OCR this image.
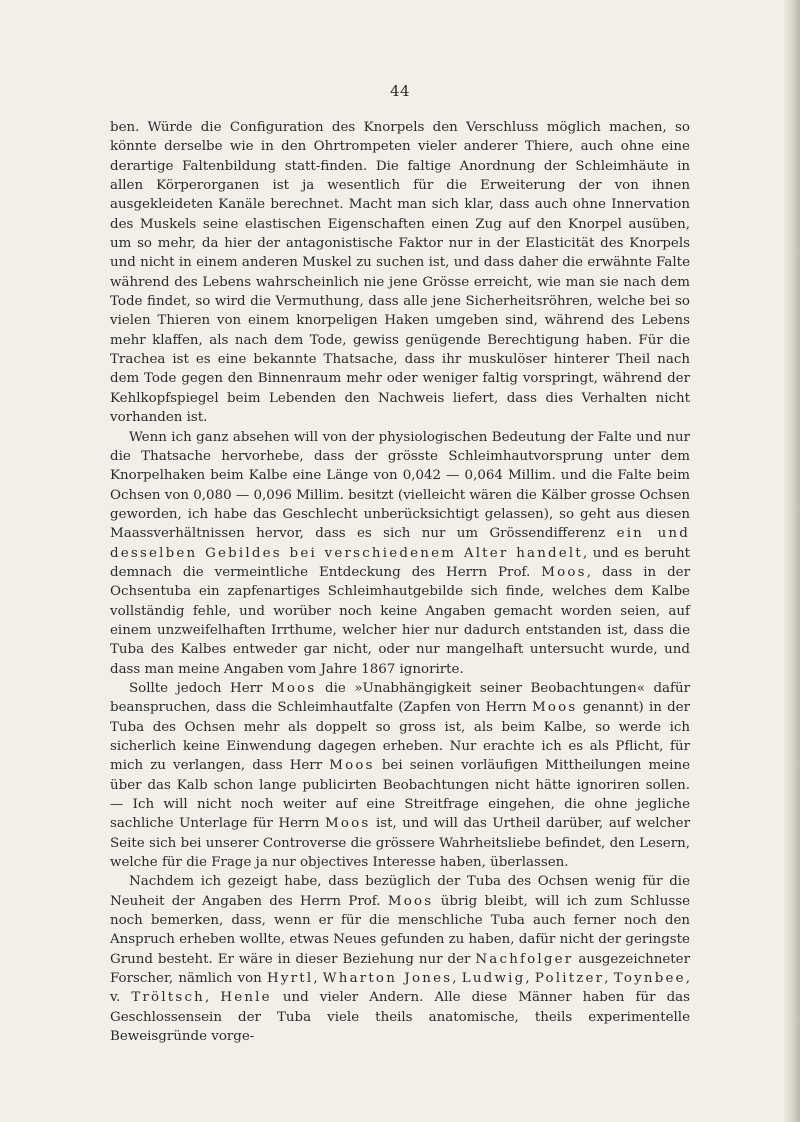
44

ben. Würde die Configuration des Knorpels den Verschluss möglich machen, so könnte derselbe wie in den Ohrtrompeten vieler anderer Thiere, auch ohne eine derartige Faltenbildung statt-finden. Die faltige Anordnung der Schleimhäute in allen Körperorganen ist ja wesentlich für die Erweiterung der von ihnen ausgekleideten Kanäle berechnet. Macht man sich klar, dass auch ohne Innervation des Muskels seine elastischen Eigenschaften einen Zug auf den Knorpel ausüben, um so mehr, da hier der antagonistische Faktor nur in der Elasticität des Knorpels und nicht in einem anderen Muskel zu suchen ist, und dass daher die erwähnte Falte während des Lebens wahrscheinlich nie jene Grösse erreicht, wie man sie nach dem Tode findet, so wird die Vermuthung, dass alle jene Sicherheitsröhren, welche bei so vielen Thieren von einem knorpeligen Haken umgeben sind, während des Lebens mehr klaffen, als nach dem Tode, gewiss genügende Berechtigung haben. Für die Trachea ist es eine bekannte Thatsache, dass ihr muskulöser hinterer Theil nach dem Tode gegen den Binnenraum mehr oder weniger faltig vorspringt, während der Kehlkopfspiegel beim Lebenden den Nachweis liefert, dass dies Verhalten nicht vorhanden ist.

Wenn ich ganz absehen will von der physiologischen Bedeutung der Falte und nur die Thatsache hervorhebe, dass der grösste Schleimhautvorsprung unter dem Knorpelhaken beim Kalbe eine Länge von 0,042 — 0,064 Millim. und die Falte beim Ochsen von 0,080 — 0,096 Millim. besitzt (vielleicht wären die Kälber grosse Ochsen geworden, ich habe das Geschlecht unberücksichtigt gelassen), so geht aus diesen Maassverhältnissen hervor, dass es sich nur um Grössendifferenz ein und desselben Gebildes bei verschiedenem Alter handelt, und es beruht demnach die vermeintliche Entdeckung des Herrn Prof. Moos, dass in der Ochsentuba ein zapfenartiges Schleimhautgebilde sich finde, welches dem Kalbe vollständig fehle, und worüber noch keine Angaben gemacht worden seien, auf einem unzweifelhaften Irrthume, welcher hier nur dadurch entstanden ist, dass die Tuba des Kalbes entweder gar nicht, oder nur mangelhaft untersucht wurde, und dass man meine Angaben vom Jahre 1867 ignorirte.

Sollte jedoch Herr Moos die »Unabhängigkeit seiner Beobachtungen« dafür beanspruchen, dass die Schleimhautfalte (Zapfen von Herrn Moos genannt) in der Tuba des Ochsen mehr als doppelt so gross ist, als beim Kalbe, so werde ich sicherlich keine Einwendung dagegen erheben. Nur erachte ich es als Pflicht, für mich zu verlangen, dass Herr Moos bei seinen vorläufigen Mittheilungen meine über das Kalb schon lange publicirten Beobachtungen nicht hätte ignoriren sollen. — Ich will nicht noch weiter auf eine Streitfrage eingehen, die ohne jegliche sachliche Unterlage für Herrn Moos ist, und will das Urtheil darüber, auf welcher Seite sich bei unserer Controverse die grössere Wahrheitsliebe befindet, den Lesern, welche für die Frage ja nur objectives Interesse haben, überlassen.

Nachdem ich gezeigt habe, dass bezüglich der Tuba des Ochsen wenig für die Neuheit der Angaben des Herrn Prof. Moos übrig bleibt, will ich zum Schlusse noch bemerken, dass, wenn er für die menschliche Tuba auch ferner noch den Anspruch erheben wollte, etwas Neues gefunden zu haben, dafür nicht der geringste Grund besteht. Er wäre in dieser Beziehung nur der Nachfolger ausgezeichneter Forscher, nämlich von Hyrtl, Wharton Jones, Ludwig, Politzer, Toynbee, v. Tröltsch, Henle und vieler Andern. Alle diese Männer haben für das Geschlossensein der Tuba viele theils anatomische, theils experimentelle Beweisgründe vorge-
